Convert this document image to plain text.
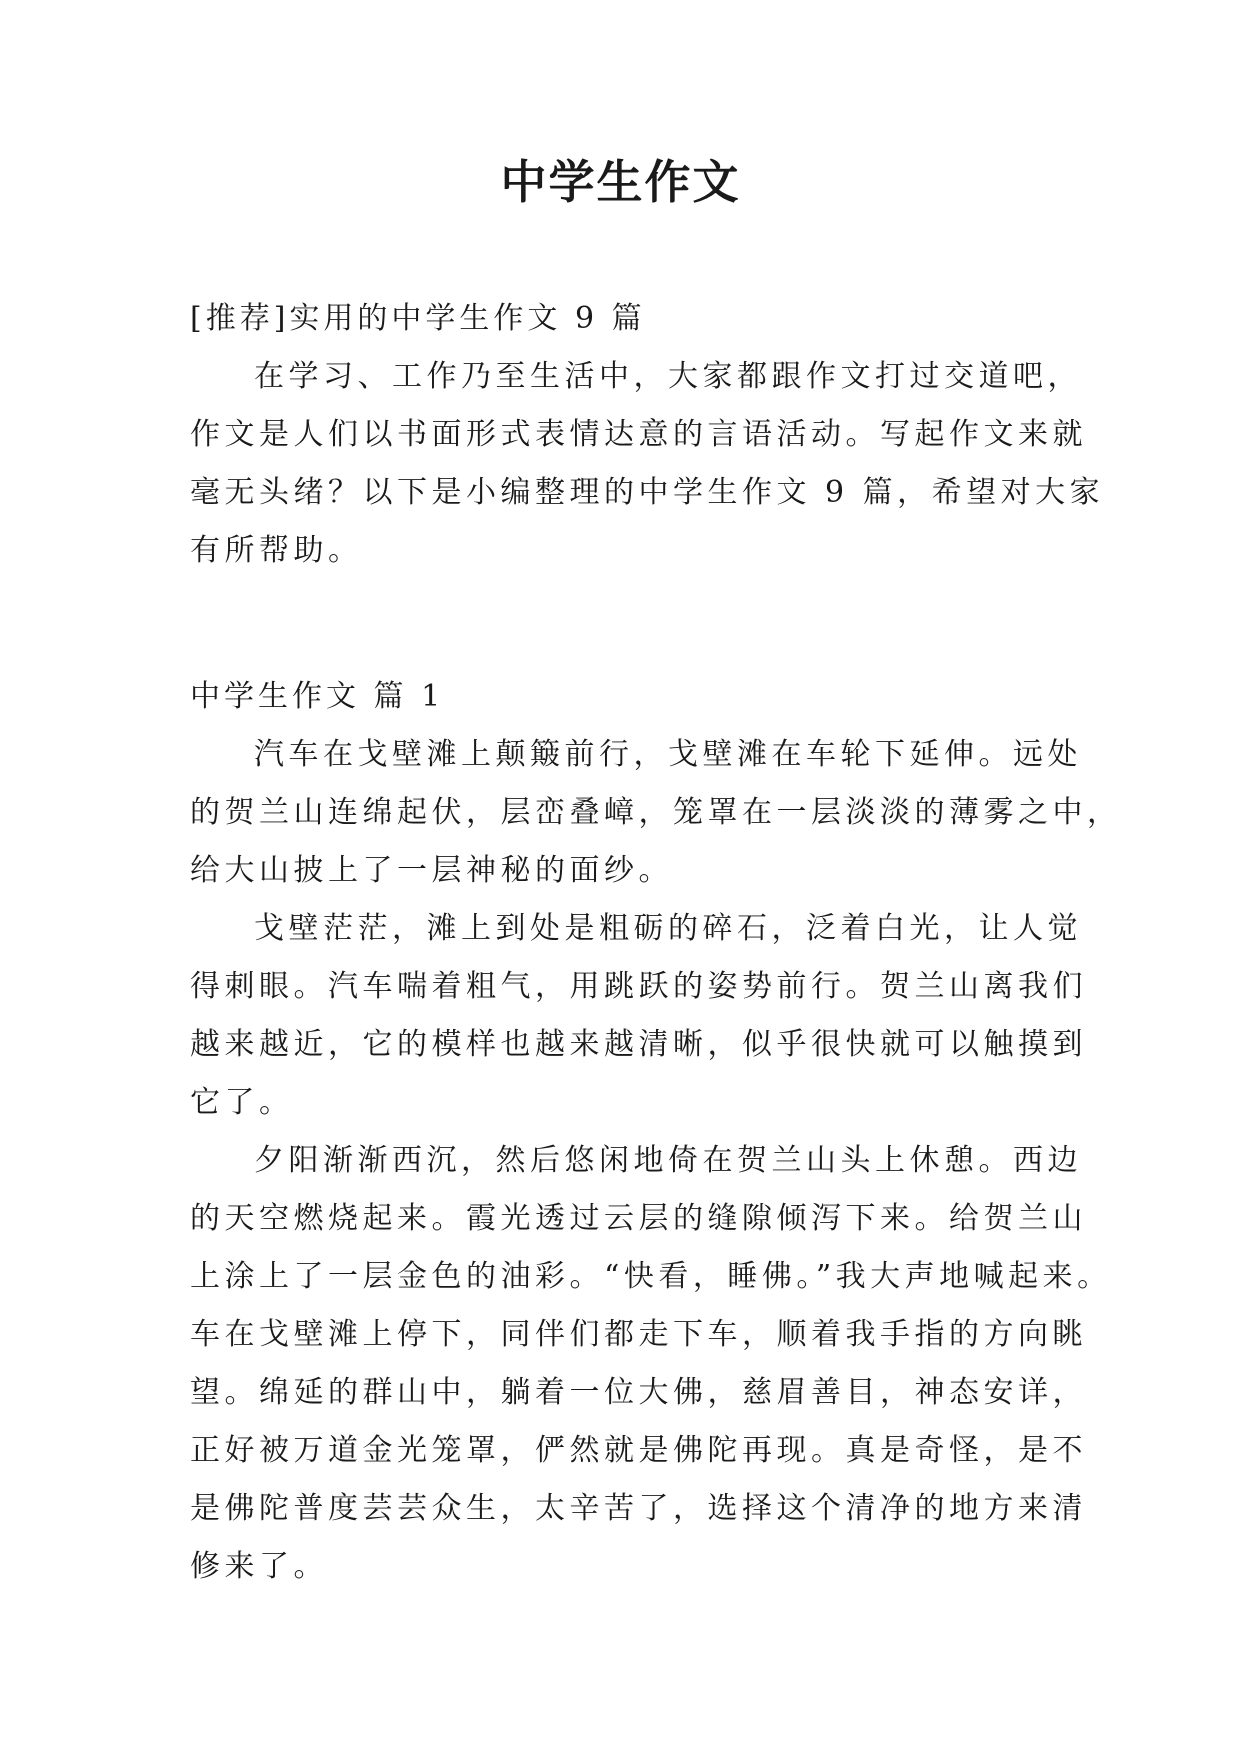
中学生作文

[推荐]实用的中学生作文 9 篇

在学习、工作乃至生活中，大家都跟作文打过交道吧，

作文是人们以书面形式表情达意的言语活动。写起作文来就

毫无头绪？以下是小编整理的中学生作文 9 篇，希望对大家

有所帮助。

中学生作文 篇 1

汽车在戈壁滩上颠簸前行，戈壁滩在车轮下延伸。远处

的贺兰山连绵起伏，层峦叠嶂，笼罩在一层淡淡的薄雾之中，

给大山披上了一层神秘的面纱。

戈壁茫茫，滩上到处是粗砺的碎石，泛着白光，让人觉

得刺眼。汽车喘着粗气，用跳跃的姿势前行。贺兰山离我们

越来越近，它的模样也越来越清晰，似乎很快就可以触摸到

它了。

夕阳渐渐西沉，然后悠闲地倚在贺兰山头上休憩。西边

的天空燃烧起来。霞光透过云层的缝隙倾泻下来。给贺兰山

上涂上了一层金色的油彩。“快看，睡佛。”我大声地喊起来。

车在戈壁滩上停下，同伴们都走下车，顺着我手指的方向眺

望。绵延的群山中，躺着一位大佛，慈眉善目，神态安详，

正好被万道金光笼罩，俨然就是佛陀再现。真是奇怪，是不

是佛陀普度芸芸众生，太辛苦了，选择这个清净的地方来清

修来了。
